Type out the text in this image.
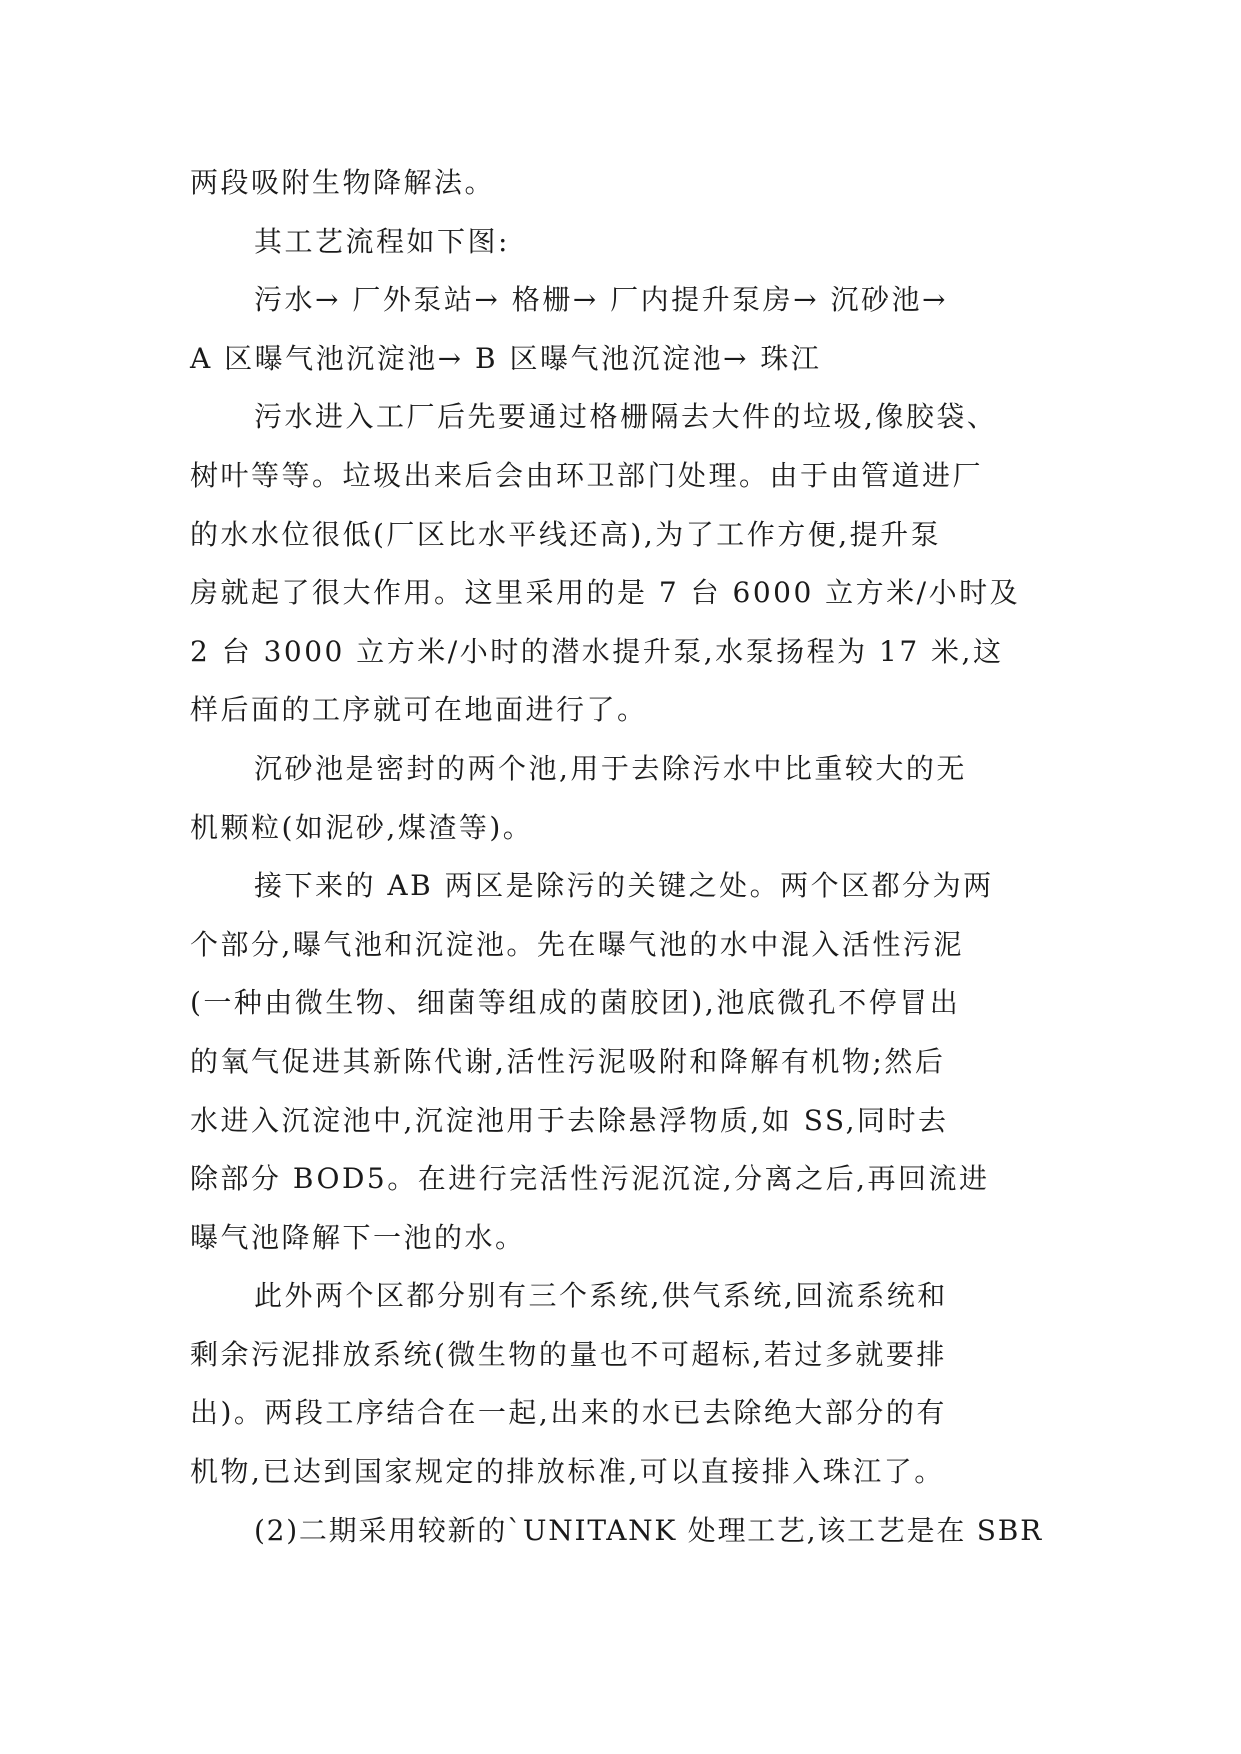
两段吸附生物降解法。
其工艺流程如下图:
污水→ 厂外泵站→ 格栅→ 厂内提升泵房→ 沉砂池→
A 区曝气池沉淀池→ B 区曝气池沉淀池→ 珠江
污水进入工厂后先要通过格栅隔去大件的垃圾,像胶袋、
树叶等等。垃圾出来后会由环卫部门处理。由于由管道进厂
的水水位很低(厂区比水平线还高),为了工作方便,提升泵
房就起了很大作用。这里采用的是 7 台 6000 立方米/小时及
2 台 3000 立方米/小时的潜水提升泵,水泵扬程为 17 米,这
样后面的工序就可在地面进行了。
沉砂池是密封的两个池,用于去除污水中比重较大的无
机颗粒(如泥砂,煤渣等)。
接下来的 AB 两区是除污的关键之处。两个区都分为两
个部分,曝气池和沉淀池。先在曝气池的水中混入活性污泥
(一种由微生物、细菌等组成的菌胶团),池底微孔不停冒出
的氧气促进其新陈代谢,活性污泥吸附和降解有机物;然后
水进入沉淀池中,沉淀池用于去除悬浮物质,如 SS,同时去
除部分 BOD5。在进行完活性污泥沉淀,分离之后,再回流进
曝气池降解下一池的水。
此外两个区都分别有三个系统,供气系统,回流系统和
剩余污泥排放系统(微生物的量也不可超标,若过多就要排
出)。两段工序结合在一起,出来的水已去除绝大部分的有
机物,已达到国家规定的排放标准,可以直接排入珠江了。
(2)二期采用较新的`UNITANK 处理工艺,该工艺是在 SBR
